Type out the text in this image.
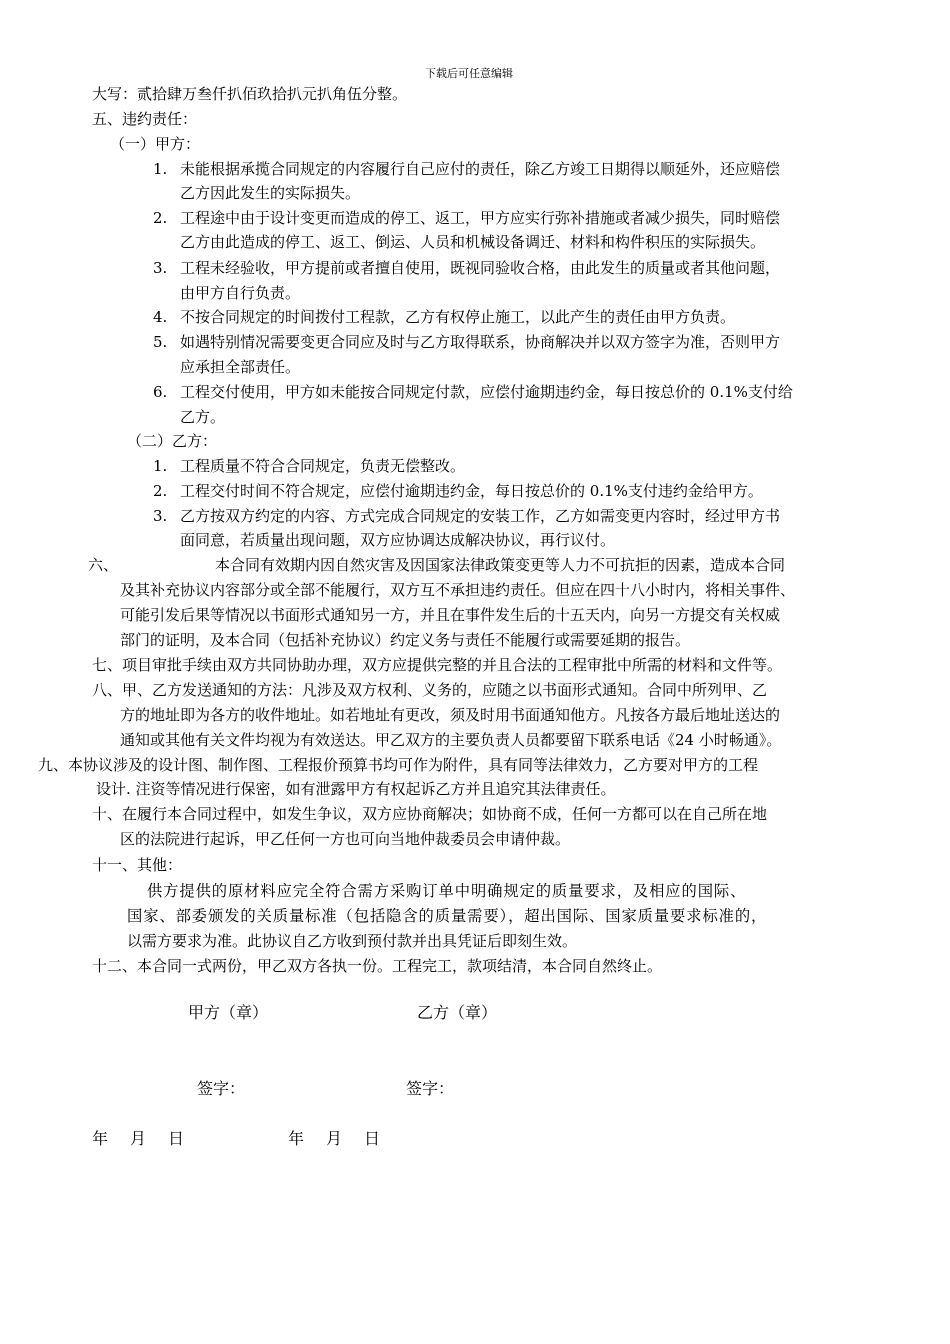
下载后可任意编辑
大写：贰拾肆万叁仟扒佰玖拾扒元扒角伍分整。
五、违约责任：
（一）甲方：
1. 未能根据承揽合同规定的内容履行自己应付的责任，除乙方竣工日期得以顺延外，还应赔偿
乙方因此发生的实际损失。
2. 工程途中由于设计变更而造成的停工、返工，甲方应实行弥补措施或者减少损失，同时赔偿
乙方由此造成的停工、返工、倒运、人员和机械设备调迁、材料和构件积压的实际损失。
3. 工程未经验收，甲方提前或者擅自使用，既视同验收合格，由此发生的质量或者其他问题，
由甲方自行负责。
4. 不按合同规定的时间拨付工程款，乙方有权停止施工，以此产生的责任由甲方负责。
5. 如遇特别情况需要变更合同应及时与乙方取得联系，协商解决并以双方签字为准，否则甲方
应承担全部责任。
6. 工程交付使用，甲方如未能按合同规定付款，应偿付逾期违约金，每日按总价的 0.1%支付给
乙方。
（二）乙方：
1. 工程质量不符合合同规定，负责无偿整改。
2. 工程交付时间不符合规定，应偿付逾期违约金，每日按总价的 0.1%支付违约金给甲方。
3. 乙方按双方约定的内容、方式完成合同规定的安装工作，乙方如需变更内容时，经过甲方书
面同意，若质量出现问题，双方应协调达成解决协议，再行议付。
六、	本合同有效期内因自然灾害及因国家法律政策变更等人力不可抗拒的因素，造成本合同
及其补充协议内容部分或全部不能履行，双方互不承担违约责任。但应在四十八小时内，将相关事件、
可能引发后果等情况以书面形式通知另一方，并且在事件发生后的十五天内，向另一方提交有关权威
部门的证明，及本合同（包括补充协议）约定义务与责任不能履行或需要延期的报告。
七、项目审批手续由双方共同协助办理，双方应提供完整的并且合法的工程审批中所需的材料和文件等。
八、甲、乙方发送通知的方法：凡涉及双方权利、义务的，应随之以书面形式通知。合同中所列甲、乙
方的地址即为各方的收件地址。如若地址有更改，须及时用书面通知他方。凡按各方最后地址送达的
通知或其他有关文件均视为有效送达。甲乙双方的主要负责人员都要留下联系电话《24 小时畅通》。
九、本协议涉及的设计图、制作图、工程报价预算书均可作为附件，具有同等法律效力，乙方要对甲方的工程
设计. 注资等情况进行保密，如有泄露甲方有权起诉乙方并且追究其法律责任。
十、在履行本合同过程中，如发生争议，双方应协商解决；如协商不成，任何一方都可以在自己所在地
区的法院进行起诉，甲乙任何一方也可向当地仲裁委员会申请仲裁。
十一、其他：
供方提供的原材料应完全符合需方采购订单中明确规定的质量要求，及相应的国际、
国家、部委颁发的关质量标准（包括隐含的质量需要），超出国际、国家质量要求标准的，
以需方要求为准。此协议自乙方收到预付款并出具凭证后即刻生效。
十二、本合同一式两份，甲乙双方各执一份。工程完工，款项结清，本合同自然终止。
甲方（章）	乙方（章）
签字：	签字：
年　月　日	年　月　日
